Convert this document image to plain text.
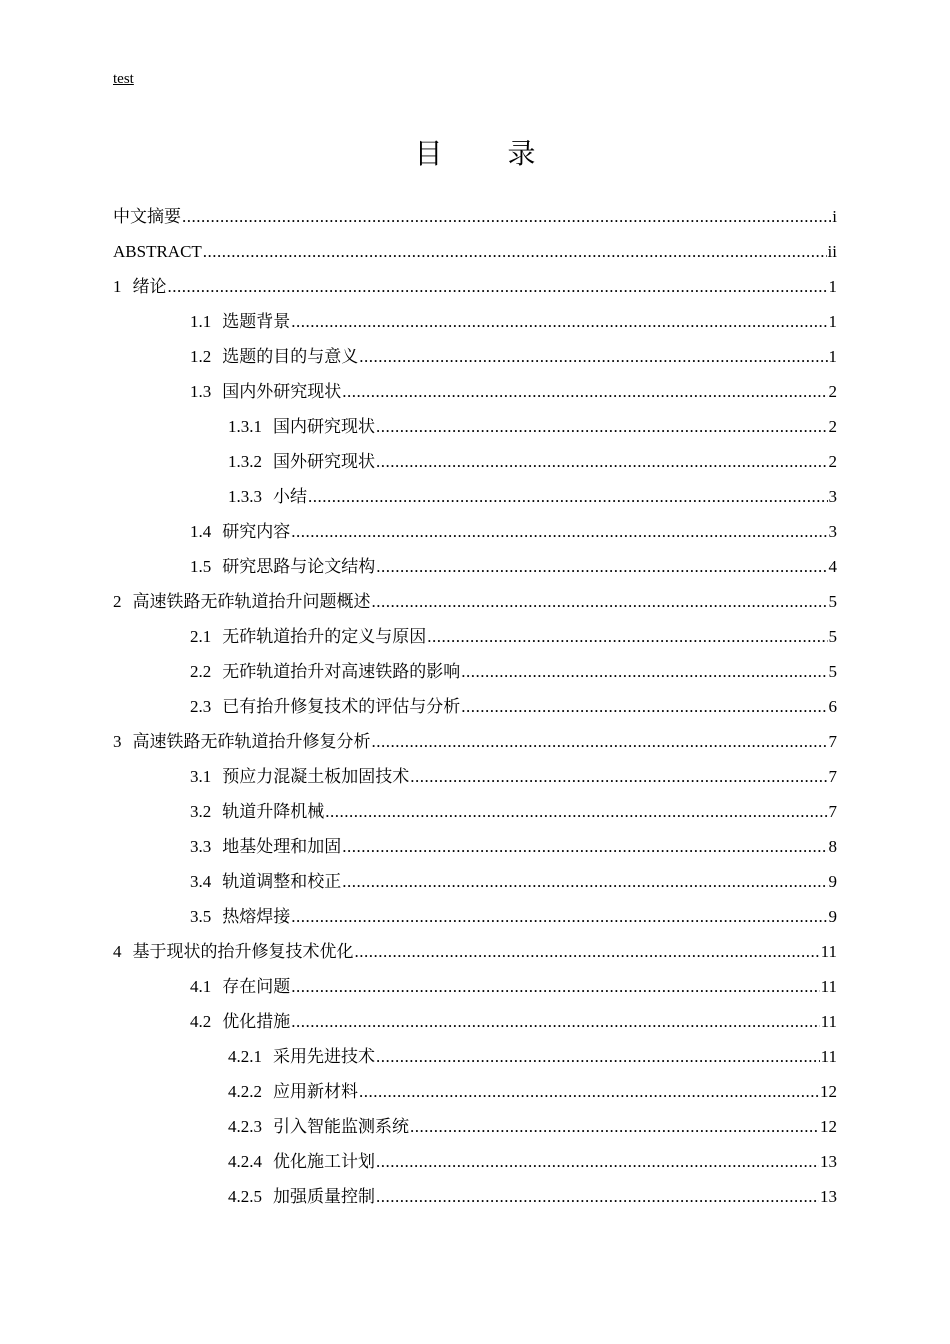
test
目 录
中文摘要 .....	i
ABSTRACT .....	ii
1 绪论 .....	1
1.1 选题背景 .....	1
1.2 选题的目的与意义 .....	1
1.3 国内外研究现状 .....	2
1.3.1 国内研究现状 .....	2
1.3.2 国外研究现状 .....	2
1.3.3 小结 .....	3
1.4 研究内容 .....	3
1.5 研究思路与论文结构 .....	4
2 高速铁路无砟轨道抬升问题概述 .....	5
2.1 无砟轨道抬升的定义与原因 .....	5
2.2 无砟轨道抬升对高速铁路的影响 .....	5
2.3 已有抬升修复技术的评估与分析 .....	6
3 高速铁路无砟轨道抬升修复分析 .....	7
3.1 预应力混凝土板加固技术 .....	7
3.2 轨道升降机械 .....	7
3.3 地基处理和加固 .....	8
3.4 轨道调整和校正 .....	9
3.5 热熔焊接 .....	9
4 基于现状的抬升修复技术优化 .....	11
4.1 存在问题 .....	11
4.2 优化措施 .....	11
4.2.1 采用先进技术 .....	11
4.2.2 应用新材料 .....	12
4.2.3 引入智能监测系统 .....	12
4.2.4 优化施工计划 .....	13
4.2.5 加强质量控制 .....	13
